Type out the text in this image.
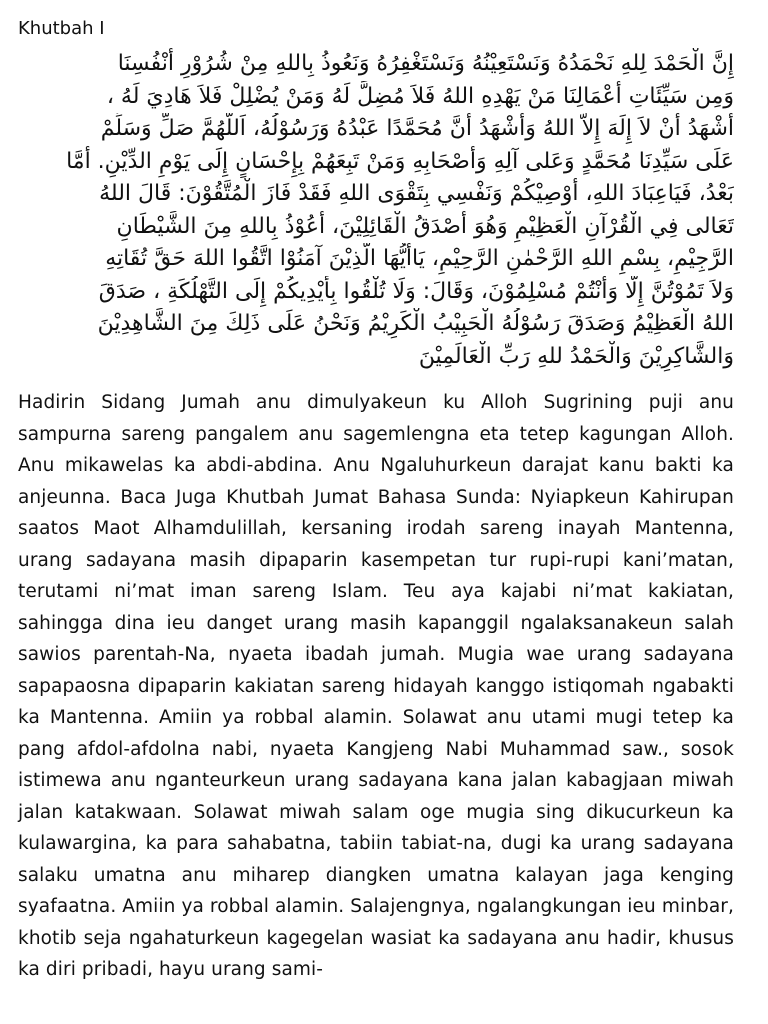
Khutbah I
إِنَّ الْحَمْدَ لِلهِ نَحْمَدُهُ وَنَسْتَعِيْنُهُ وَنَسْتَغْفِرُهُ وَنَعُوذُ بِاللهِ مِنْ شُرُوْرِ أَنْفُسِنَا
وَمِن سَيِّئَاتِ أَعْمَالِنَا مَنْ يَهْدِهِ اللهُ فَلاَ مُضِلَّ لَهُ وَمَنْ يُضْلِلْ فَلاَ هَادِيَ لَهُ ،
أَشْهَدُ أَنْ لاَ إِلَهَ إِلاَّ اللهُ وَأَشْهَدُ أَنَّ مُحَمَّدًا عَبْدُهُ وَرَسُوْلُهُ، اَللّهُمَّ صَلِّ وَسَلِّمْ
عَلَى سَيِّدِنَا مُحَمَّدٍ وَعَلى آلِهِ وَأَصْحَابِهِ وَمَنْ تَبِعَهُمْ بِإِحْسَانٍ إِلَى يَوْمِ الدِّيْنِ. أَمَّا
بَعْدُ، فَيَاعِبَادَ اللهِ، أُوْصِيْكُمْ وَنَفْسِي بِتَقْوَى اللهِ فَقَدْ فَازَ الْمُتَّقُوْنَ: قَالَ اللهُ
تَعَالى فِي الْقُرْآنِ الْعَظِيْمِ وَهُوَ أَصْدَقُ الْقَائِلِيْنَ، أَعُوْذُ بِاللهِ مِنَ الشَّيْطَانِ
الرَّجِيْمِ، بِسْمِ اللهِ الرَّحْمٰنِ الرَّحِيْمِ، يَاأَيُّهَا الَّذِيْنَ آمَنُوْا اتَّقُوا اللهَ حَقَّ تُقَاتِهِ
وَلاَ تَمُوْتُنَّ إِلَّا وَأَنْتُمْ مُسْلِمُوْنَ، وَقَالَ: وَلَا تُلْقُوا بِأَيْدِيكُمْ إِلَى التَّهْلُكَةِ ، صَدَقَ
اللهُ الْعَظِيْمُ وَصَدَقَ رَسُوْلُهُ الْحَبِيْبُ الْكَرِيْمُ وَنَحْنُ عَلَى ذَلِكَ مِنَ الشَّاهِدِيْنَ
وَالشَّاكِرِيْنَ وَالْحَمْدُ للهِ رَبِّ الْعَالَمِيْنَ

Hadirin Sidang Jumah anu dimulyakeun ku Alloh Sugrining puji anu sampurna sareng pangalem anu sagemlengna eta tetep kagungan Alloh. Anu mikawelas ka abdi-abdina. Anu Ngaluhurkeun darajat kanu bakti ka anjeunna. Baca Juga Khutbah Jumat Bahasa Sunda: Nyiapkeun Kahirupan saatos Maot Alhamdulillah, kersaning irodah sareng inayah Mantenna, urang sadayana masih dipaparin kasempetan tur rupi-rupi kani’matan, terutami ni’mat iman sareng Islam. Teu aya kajabi ni’mat kakiatan, sahingga dina ieu danget urang masih kapanggil ngalaksanakeun salah sawios parentah-Na, nyaeta ibadah jumah. Mugia wae urang sadayana sapapaosna dipaparin kakiatan sareng hidayah kanggo istiqomah ngabakti ka Mantenna. Amiin ya robbal alamin. Solawat anu utami mugi tetep ka pang afdol-afdolna nabi, nyaeta Kangjeng Nabi Muhammad saw., sosok istimewa anu nganteurkeun urang sadayana kana jalan kabagjaan miwah jalan katakwaan. Solawat miwah salam oge mugia sing dikucurkeun ka kulawargina, ka para sahabatna, tabiin tabiat-na, dugi ka urang sadayana salaku umatna anu miharep diangken umatna kalayan jaga kenging syafaatna. Amiin ya robbal alamin. Salajengnya, ngalangkungan ieu minbar, khotib seja ngahaturkeun kagegelan wasiat ka sadayana anu hadir, khusus ka diri pribadi, hayu urang sami-
